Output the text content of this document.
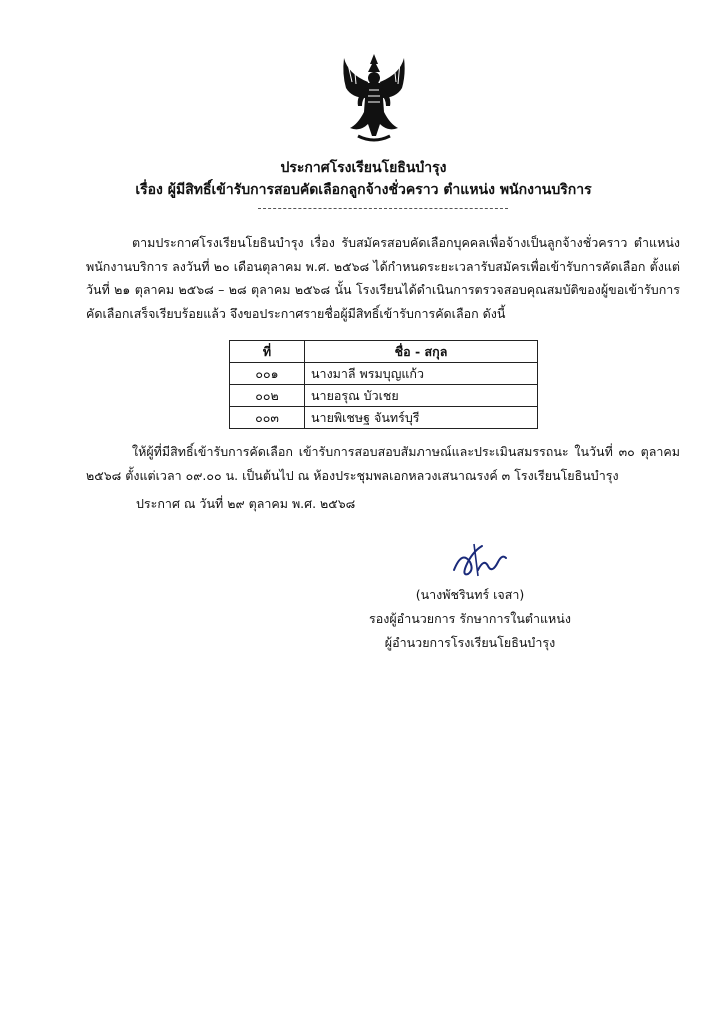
ประกาศโรงเรียนโยธินบำรุง
เรื่อง ผู้มีสิทธิ์เข้ารับการสอบคัดเลือกลูกจ้างชั่วคราว ตำแหน่ง พนักงานบริการ

ตามประกาศโรงเรียนโยธินบำรุง เรื่อง รับสมัครสอบคัดเลือกบุคคลเพื่อจ้างเป็นลูกจ้างชั่วคราว ตำแหน่ง พนักงานบริการ ลงวันที่ ๒๐ เดือนตุลาคม พ.ศ. ๒๕๖๘ ได้กำหนดระยะเวลารับสมัครเพื่อเข้ารับการคัดเลือก ตั้งแต่วันที่ ๒๑ ตุลาคม ๒๕๖๘ – ๒๘ ตุลาคม ๒๕๖๘ นั้น โรงเรียนได้ดำเนินการตรวจสอบคุณสมบัติของผู้ขอเข้ารับการคัดเลือกเสร็จเรียบร้อยแล้ว จึงขอประกาศรายชื่อผู้มีสิทธิ์เข้ารับการคัดเลือก ดังนี้

ที่	ชื่อ - สกุล
๐๐๑	นางมาลี พรมบุญแก้ว
๐๐๒	นายอรุณ บัวเชย
๐๐๓	นายพิเชษฐ จันทร์บุรี

ให้ผู้ที่มีสิทธิ์เข้ารับการคัดเลือก เข้ารับการสอบสอบสัมภาษณ์และประเมินสมรรถนะ ในวันที่ ๓๐ ตุลาคม ๒๕๖๘ ตั้งแต่เวลา ๐๙.๐๐ น. เป็นต้นไป ณ ห้องประชุมพลเอกหลวงเสนาณรงค์ ๓ โรงเรียนโยธินบำรุง

ประกาศ ณ วันที่ ๒๙ ตุลาคม พ.ศ. ๒๕๖๘
(นางพัชรินทร์ เจสา)
รองผู้อำนวยการ รักษาการในตำแหน่ง
ผู้อำนวยการโรงเรียนโยธินบำรุง
